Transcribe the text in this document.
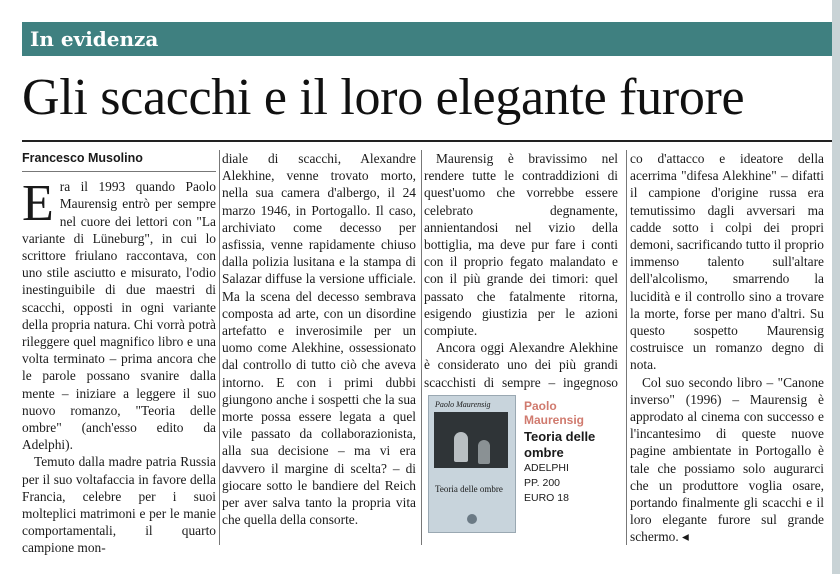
In evidenza
Gli scacchi e il loro elegante furore
Francesco Musolino

Era il 1993 quando Paolo Maurensig entrò per sempre nel cuore dei lettori con "La variante di Lüneburg", in cui lo scrittore friulano raccontava, con uno stile asciutto e misurato, l'odio inestinguibile di due maestri di scacchi, opposti in ogni variante della propria natura. Chi vorrà potrà rileggere quel magnifico libro e una volta terminato – prima ancora che le parole possano svanire dalla mente – iniziare a leggere il suo nuovo romanzo, "Teoria delle ombre" (anch'esso edito da Adelphi).

Temuto dalla madre patria Russia per il suo voltafaccia in favore della Francia, celebre per i suoi molteplici matrimoni e per le manie comportamentali, il quarto campione mon-

diale di scacchi, Alexandre Alekhine, venne trovato morto, nella sua camera d'albergo, il 24 marzo 1946, in Portogallo. Il caso, archiviato come decesso per asfissia, venne rapidamente chiuso dalla polizia lusitana e la stampa di Salazar diffuse la versione ufficiale. Ma la scena del decesso sembrava composta ad arte, con un disordine artefatto e inverosimile per un uomo come Alekhine, ossessionato dal controllo di tutto ciò che aveva intorno. E con i primi dubbi giungono anche i sospetti che la sua morte possa essere legata a quel vile passato da collaborazionista, alla sua decisione – ma vi era davvero il margine di scelta? – di giocare sotto le bandiere del Reich per aver salva tanto la propria vita che quella della consorte.

Maurensig è bravissimo nel rendere tutte le contraddizioni di quest'uomo che vorrebbe essere celebrato degnamente, annientandosi nel vizio della bottiglia, ma deve pur fare i conti con il proprio fegato malandato e con il più grande dei timori: quel passato che fatalmente ritorna, esigendo giustizia per le azioni compiute.

Ancora oggi Alexandre Alekhine è considerato uno dei più grandi scacchisti di sempre – ingegnoso

Paolo Maurensig
Teoria delle ombre
Paolo Maurensig
Teoria delle ombre
ADELPHI
PP. 200
EURO 18

co d'attacco e ideatore della acerrima "difesa Alekhine" – difatti il campione d'origine russa era temutissimo dagli avversari ma cadde sotto i colpi dei propri demoni, sacrificando tutto il proprio immenso talento sull'altare dell'alcolismo, smarrendo la lucidità e il controllo sino a trovare la morte, forse per mano d'altri. Su questo sospetto Maurensig costruisce un romanzo degno di nota.

Col suo secondo libro – "Canone inverso" (1996) – Maurensig è approdato al cinema con successo e l'incantesimo di queste nuove pagine ambientate in Portogallo è tale che possiamo solo augurarci che un produttore voglia osare, portando finalmente gli scacchi e il loro elegante furore sul grande schermo. ◂
